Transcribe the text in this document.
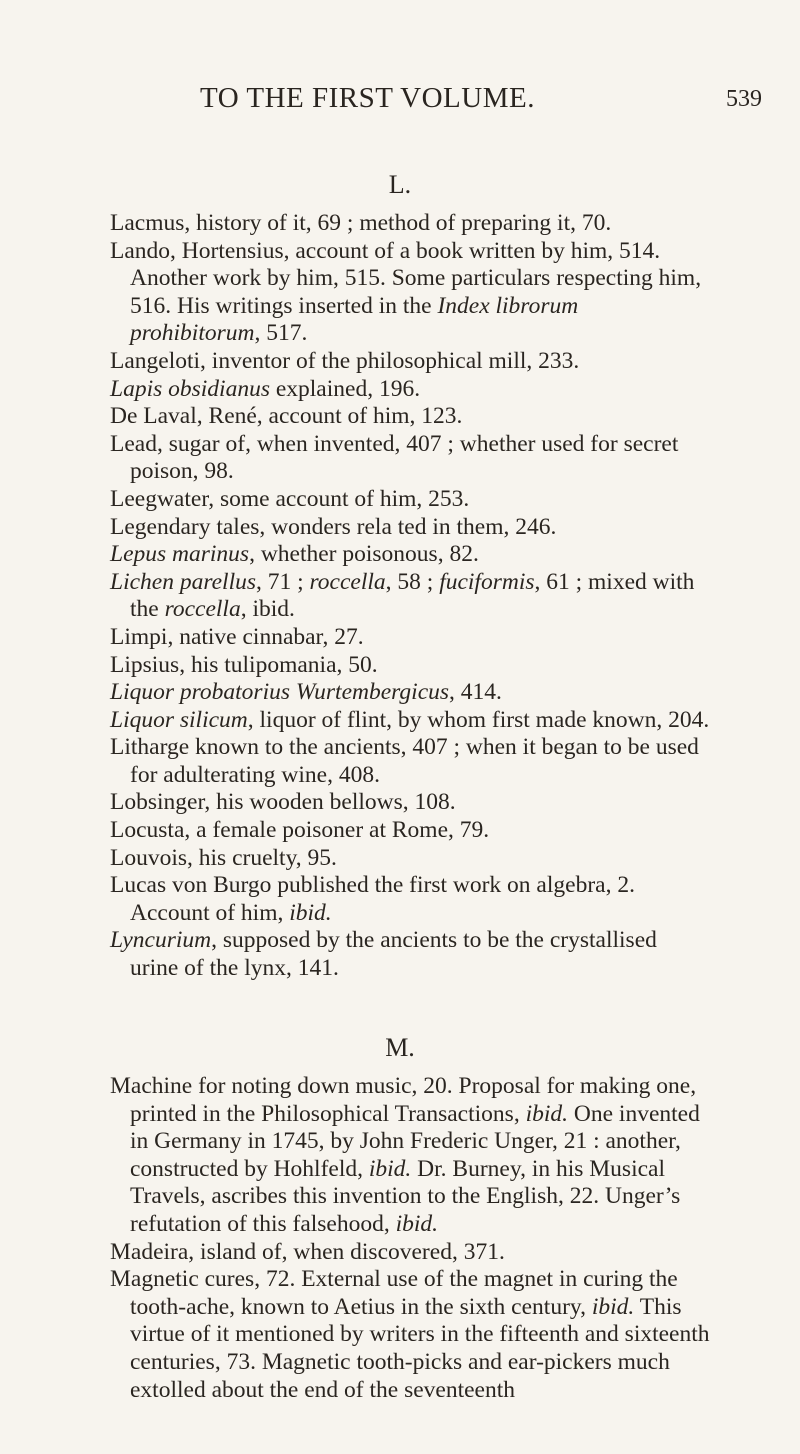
TO THE FIRST VOLUME.	539
L.

Lacmus, history of it, 69 ; method of preparing it, 70.

Lando, Hortensius, account of a book written by him, 514. Another work by him, 515. Some particulars respecting him, 516. His writings inserted in the Index librorum prohibitorum, 517.

Langeloti, inventor of the philosophical mill, 233.

Lapis obsidianus explained, 196.

De Laval, René, account of him, 123.

Lead, sugar of, when invented, 407 ; whether used for secret poison, 98.

Leegwater, some account of him, 253.

Legendary tales, wonders rela ted in them, 246.

Lepus marinus, whether poisonous, 82.

Lichen parellus, 71 ; roccella, 58 ; fuciformis, 61 ; mixed with the roccella, ibid.

Limpi, native cinnabar, 27.

Lipsius, his tulipomania, 50.

Liquor probatorius Wurtembergicus, 414.

Liquor silicum, liquor of flint, by whom first made known, 204.

Litharge known to the ancients, 407 ; when it began to be used for adulterating wine, 408.

Lobsinger, his wooden bellows, 108.

Locusta, a female poisoner at Rome, 79.

Louvois, his cruelty, 95.

Lucas von Burgo published the first work on algebra, 2. Account of him, ibid.

Lyncurium, supposed by the ancients to be the crystallised urine of the lynx, 141.

M.

Machine for noting down music, 20. Proposal for making one, printed in the Philosophical Transactions, ibid. One invented in Germany in 1745, by John Frederic Unger, 21 : another, constructed by Hohlfeld, ibid. Dr. Burney, in his Musical Travels, ascribes this invention to the English, 22. Unger’s refutation of this falsehood, ibid.

Madeira, island of, when discovered, 371.

Magnetic cures, 72. External use of the magnet in curing the tooth-ache, known to Aetius in the sixth century, ibid. This virtue of it mentioned by writers in the fifteenth and sixteenth centuries, 73. Magnetic tooth-picks and ear-pickers much extolled about the end of the seventeenth
